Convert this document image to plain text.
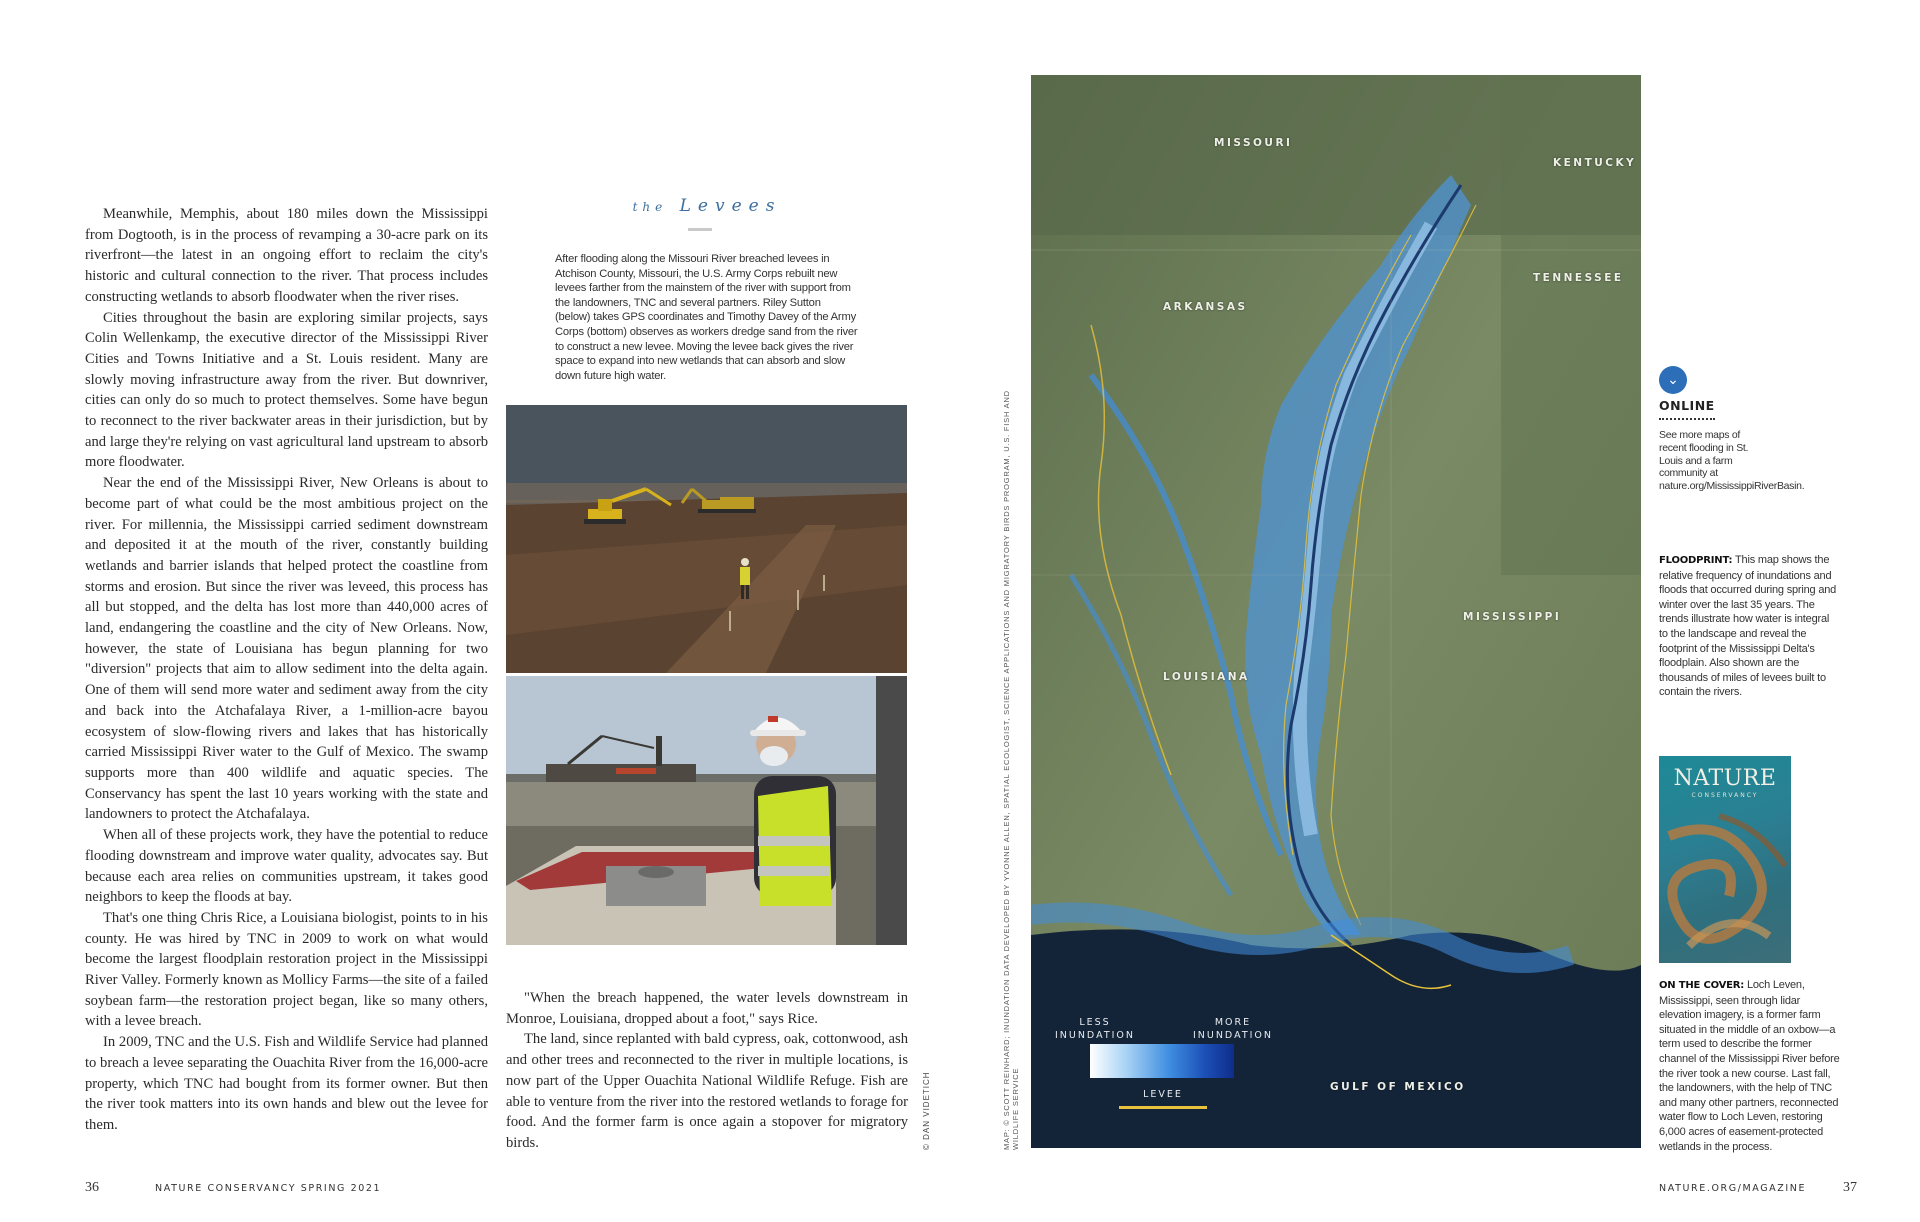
Meanwhile, Memphis, about 180 miles down the Mississippi from Dogtooth, is in the process of revamping a 30-acre park on its riverfront—the latest in an ongoing effort to reclaim the city's historic and cultural connection to the river. That process includes constructing wetlands to absorb floodwater when the river rises.

Cities throughout the basin are exploring similar projects, says Colin Wellenkamp, the executive director of the Mississippi River Cities and Towns Initiative and a St. Louis resident. Many are slowly moving infrastructure away from the river. But downriver, cities can only do so much to protect themselves. Some have begun to reconnect to the river backwater areas in their jurisdiction, but by and large they're relying on vast agricultural land upstream to absorb more floodwater.

Near the end of the Mississippi River, New Orleans is about to become part of what could be the most ambitious project on the river. For millennia, the Mississippi carried sediment downstream and deposited it at the mouth of the river, constantly building wetlands and barrier islands that helped protect the coastline from storms and erosion. But since the river was leveed, this process has all but stopped, and the delta has lost more than 440,000 acres of land, endangering the coastline and the city of New Orleans. Now, however, the state of Louisiana has begun planning for two "diversion" projects that aim to allow sediment into the delta again. One of them will send more water and sediment away from the city and back into the Atchafalaya River, a 1-million-acre bayou ecosystem of slow-flowing rivers and lakes that has historically carried Mississippi River water to the Gulf of Mexico. The swamp supports more than 400 wildlife and aquatic species. The Conservancy has spent the last 10 years working with the state and landowners to protect the Atchafalaya.

When all of these projects work, they have the potential to reduce flooding downstream and improve water quality, advocates say. But because each area relies on communities upstream, it takes good neighbors to keep the floods at bay.

That's one thing Chris Rice, a Louisiana biologist, points to in his county. He was hired by TNC in 2009 to work on what would become the largest floodplain restoration project in the Mississippi River Valley. Formerly known as Mollicy Farms—the site of a failed soybean farm—the restoration project began, like so many others, with a levee breach.

In 2009, TNC and the U.S. Fish and Wildlife Service had planned to breach a levee separating the Ouachita River from the 16,000-acre property, which TNC had bought from its former owner. But then the river took matters into its own hands and blew out the levee for them.

the Levees
After flooding along the Missouri River breached levees in Atchison County, Missouri, the U.S. Army Corps rebuilt new levees farther from the mainstem of the river with support from the landowners, TNC and several partners. Riley Sutton (below) takes GPS coordinates and Timothy Davey of the Army Corps (bottom) observes as workers dredge sand from the river to construct a new levee. Moving the levee back gives the river space to expand into new wetlands that can absorb and slow down future high water.

"When the breach happened, the water levels downstream in Monroe, Louisiana, dropped about a foot," says Rice.

The land, since replanted with bald cypress, oak, cottonwood, ash and other trees and reconnected to the river in multiple locations, is now part of the Upper Ouachita National Wildlife Refuge. Fish are able to venture from the river into the restored wetlands to forage for food. And the former farm is once again a stopover for migratory birds.	© DAN VIDETICH	MAP: © SCOTT REINHARD; INUNDATION DATA DEVELOPED BY YVONNE ALLEN, SPATIAL ECOLOGIST, SCIENCE APPLICATIONS AND MIGRATORY BIRDS PROGRAM, U.S. FISH AND WILDLIFE SERVICE
MISSOURI
KENTUCKY
TENNESSEE
ARKANSAS
MISSISSIPPI
LOUISIANA
GULF OF MEXICO
LESS INUNDATION
MORE INUNDATION
LEVEE
⌄
ONLINE
See more maps of recent flooding in St. Louis and a farm community at nature.org/MississippiRiverBasin.
FLOODPRINT: This map shows the relative frequency of inundations and floods that occurred during spring and winter over the last 35 years. The trends illustrate how water is integral to the landscape and reveal the footprint of the Mississippi Delta's floodplain. Also shown are the thousands of miles of levees built to contain the rivers.
NATURE
CONSERVANCY
ON THE COVER: Loch Leven, Mississippi, seen through lidar elevation imagery, is a former farm situated in the middle of an oxbow—a term used to describe the former channel of the Mississippi River before the river took a new course. Last fall, the landowners, with the help of TNC and many other partners, reconnected water flow to Loch Leven, restoring 6,000 acres of easement-protected wetlands in the process.
36	NATURE CONSERVANCY SPRING 2021	NATURE.ORG/MAGAZINE	37
